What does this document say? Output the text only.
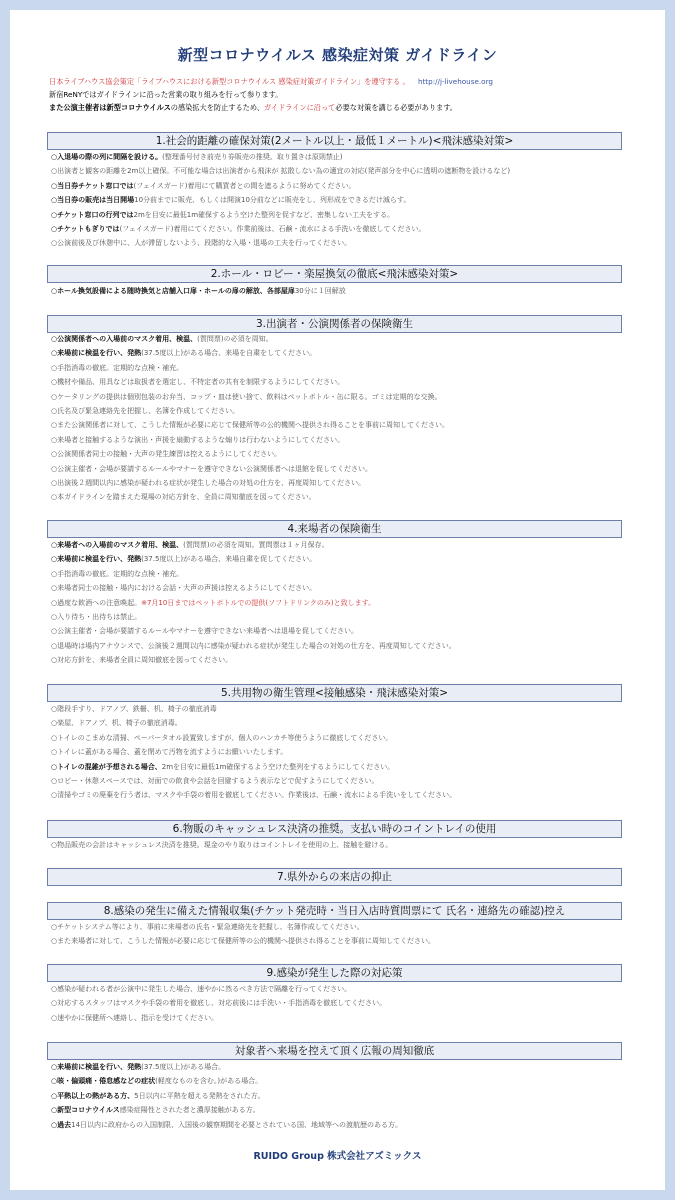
新型コロナウイルス 感染症対策 ガイドライン
日本ライブハウス協会策定「ライブハウスにおける新型コロナウイルス 感染症対策ガイドライン」を遵守する 。 http://j-livehouse.org
新宿ReNYではガイドラインに沿った営業の取り組みを行って参ります。
また公演主催者は新型コロナウイルスの感染拡大を防止するため、ガイドラインに沿って必要な対策を講じる必要があります。
1.社会的距離の確保対策(2メートル以上・最低１メートル)<飛沫感染対策>
○入退場の際の列に間隔を設ける。(整理番号付き前売り券販売の推奨。取り置きは原則禁止)
○出演者と観客の距離を2m以上確保。不可能な場合は出演者から飛沫が 拡散しない為の適宜の対応(発声部分を中心に透明の遮断物を設けるなど)
○当日券チケット窓口では(フェイスガード)着用にて購買者との間を遮るように努めてください。
○当日券の販売は当日開場10分前までに販売、もしくは開演10分前などに販売をし、列形成をできるだけ減らす。
○チケット窓口の行列では2mを目安に最低1m確保するよう空けた整列を促すなど、密集しない工夫をする。
○チケットもぎりでは(フェイスガード)着用にてください。作業前後は、石鹸・流水による手洗いを徹底してください。
○公演前後及び休憩中に、人が滞留しないよう、段階的な入場・退場の工夫を行ってください。
2.ホール・ロビー・楽屋換気の徹底<飛沫感染対策>
○ホール換気設備による随時換気と店舗入口扉・ホールの扉の解放、各部屋扉30分に１回解放
3.出演者・公演関係者の保険衛生
○公演関係者への入場前のマスク着用、検温、(質問票)の必須を周知。
○来場前に検温を行い、発熱(37.5度以上)がある場合、来場を自粛をしてください。
○手指消毒の徹底。定期的な点検・補充。
○機材や備品、用具などは取扱者を選定し、不特定者の共有を制限するようにしてください。
○ケータリングの提供は個別包装のお弁当、コップ・皿は使い捨て、飲料はペットボトル・缶に限る。ゴミは定期的な交換。
○氏名及び緊急連絡先を把握し、名簿を作成してください。
○また公演関係者に対して、こうした情報が必要に応じて保健所等の公的機関へ提供され得ることを事前に周知してください。
○来場者と接触するような演出・声援を扇動するような煽りは行わないようにしてください。
○公演関係者同士の接触・大声の発生練習は控えるようにしてください。
○公演主催者・会場が要請するルールやマナーを遵守できない公演関係者へは退館を促してください。
○出演後２週間以内に感染が疑われる症状が発生した場合の対処の仕方を、再度周知してください。
○本ガイドラインを踏まえた現場の対応方針を、全員に周知徹底を図ってください。
4.来場者の保険衛生
○来場者への入場前のマスク着用、検温、(質問票)の必須を周知。質問票は１ヶ月保存。
○来場前に検温を行い、発熱(37.5度以上)がある場合、来場自粛を促してください。
○手指消毒の徹底。定期的な点検・補充。
○来場者同士の接触・場内における会話・大声の声援は控えるようにしてください。
○過度な飲酒への注意喚起。※7月10日まではペットボトルでの提供(ソフトドリンクのみ)と致します。
○入り待ち・出待ちは禁止。
○公演主催者・会場が要請するルールやマナーを遵守できない来場者へは退場を促してください。
○退場時は場内アナウンスで、公演後２週間以内に感染が疑われる症状が発生した場合の対処の仕方を、再度周知してください。
○対応方針を、来場者全員に周知徹底を図ってください。
5.共用物の衛生管理<接触感染・飛沫感染対策>
○階段手すり、ドアノブ、鉄柵、机、椅子の徹底消毒
○楽屋、ドアノブ、机、椅子の徹底消毒。
○トイレのこまめな清掃、ペーパータオル設置致しますが、個人のハンカチ等使うように徹底してください。
○トイレに蓋がある場合、蓋を閉めて汚物を流すようにお願いいたします。
○トイレの混雑が予想される場合、2mを目安に最低1m確保するよう空けた整列をするようにしてください。
○ロビー・休憩スペースでは、対面での飲食や会話を回避するよう表示などで促すようにしてください。
○清掃やゴミの廃棄を行う者は、マスクや手袋の着用を徹底してください。作業後は、石鹸・流水による手洗いをしてください。
6.物販のキャッシュレス決済の推奨。支払い時のコイントレイの使用
○物品販売の会計はキャッシュレス決済を推奨。現金のやり取りはコイントレイを使用の上、接触を避ける。
7.県外からの来店の抑止
8.感染の発生に備えた情報収集(チケット発売時・当日入店時質問票にて 氏名・連絡先の確認)控え
○チケットシステム等により、事前に来場者の氏名・緊急連絡先を把握し、名簿作成してください。
○また来場者に対して、こうした情報が必要に応じて保健所等の公的機関へ提供され得ることを事前に周知してください。
9.感染が発生した際の対応策
○感染が疑われる者が公演中に発生した場合、速やかに然るべき方法で隔離を行ってください。
○対応するスタッフはマスクや手袋の着用を徹底し、対応前後には手洗い・手指消毒を徹底してください。
○速やかに保健所へ連絡し、指示を受けてください。
対象者へ来場を控えて頂く広報の周知徹底
○来場前に検温を行い、発熱(37.5度以上)がある場合。
○咳・偏頭痛・倦怠感などの症状(軽度なものを含む。)がある場合。
○平熱以上の熱がある方、5日以内に平熱を超える発熱をされた方。
○新型コロナウイルス感染症陽性とされた者と濃厚接触がある方。
○過去14日以内に政府からの入国制限、入国後の観察期間を必要とされている国、地域等への渡航歴のある方。
RUIDO Group 株式会社アズミックス
